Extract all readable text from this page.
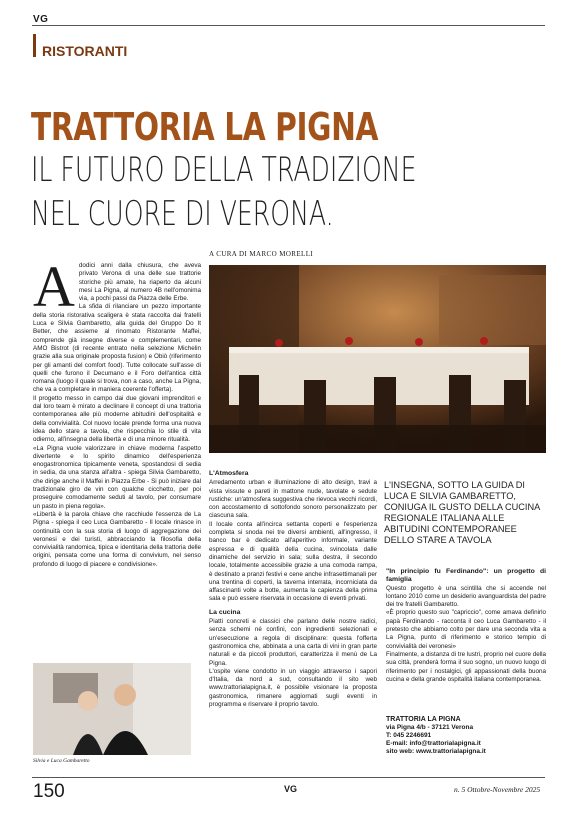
VG
RISTORANTI
TRATTORIA LA PIGNA
IL FUTURO DELLA TRADIZIONE
NEL CUORE DI VERONA.
A CURA DI MARCO MORELLI
A dodici anni dalla chiusura, che aveva privato Verona di una delle sue trattorie storiche più amate, ha riaperto da alcuni mesi La Pigna, al numero 4B nell'omonima via, a pochi passi da Piazza delle Erbe.

La sfida di rilanciare un pezzo importante della storia ristorativa scaligera è stata raccolta dai fratelli Luca e Silvia Gambaretto, alla guida del Gruppo Do It Better, che assieme al rinomato Ristorante Maffei, comprende già insegne diverse e complementari, come AMO Bistrot (di recente entrato nella selezione Michelin grazie alla sua originale proposta fusion) e Obiò (riferimento per gli amanti del comfort food). Tutte collocate sull'asse di quelli che furono il Decumano e il Foro dell'antica città romana (luogo il quale si trova, non a caso, anche La Pigna, che va a completare in maniera coerente l'offerta).

Il progetto messo in campo dai due giovani imprenditori e dal loro team è mirato a declinare il concept di una trattoria contemporanea alle più moderne abitudini dell'ospitalità e della convivialità. Col nuovo locale prende forma una nuova idea dello stare a tavola, che rispecchia lo stile di vita odierno, all'insegna della libertà e di una minore ritualità.

«La Pigna vuole valorizzare in chiave moderna l'aspetto divertente e lo spirito dinamico dell'esperienza enogastronomica tipicamente veneta, spostandosi di sedia in sedia, da una stanza all'altra - spiega Silvia Gambaretto, che dirige anche il Maffei in Piazza Erbe - Si può iniziare dal tradizionale giro de vin con qualche cicchetto, per poi proseguire comodamente seduti al tavolo, per consumare un pasto in piena regola».

«Libertà è la parola chiave che racchiude l'essenza de La Pigna - spiega il ceo Luca Gambaretto - Il locale rinasce in continuità con la sua storia di luogo di aggregazione dei veronesi e dei turisti, abbracciando la filosofia della convivialità randomica, tipica e identitaria della trattoria delle origini, pensata come una forma di convivium, nel senso profondo di luogo di piacere e condivisione».

Silvia e Luca Gambaretto
L'Atmosfera

Arredamento urban e illuminazione di alto design, travi a vista vissute e pareti in mattone nude, tavolate e sedute rustiche: un'atmosfera suggestiva che rievoca vecchi ricordi, con accostamento di sottofondo sonoro personalizzato per ciascuna sala.

Il locale conta all'incirca settanta coperti e l'esperienza completa si snoda nei tre diversi ambienti, all'ingresso, il banco bar è dedicato all'aperitivo informale, variante espressa e di qualità della cucina, svincolata dalle dinamiche del servizio in sala; sulla destra, il secondo locale, totalmente accessibile grazie a una comoda rampa, è destinato a pranzi festivi e cene anche infrasettimanali per una trentina di coperti, la taverna interrata, incorniciata da affascinanti volte a botte, aumenta la capienza della prima sala e può essere riservata in occasione di eventi privati.

La cucina

Piatti concreti e classici che parlano delle nostre radici, senza schemi né confini, con ingredienti selezionati e un'esecuzione a regola di disciplinare: questa l'offerta gastronomica che, abbinata a una carta di vini in gran parte naturali e da piccoli produttori, caratterizza il menù de La Pigna.

L'ospite viene condotto in un viaggio attraverso i sapori d'Italia, da nord a sud, consultando il sito web www.trattorialapigna.it, è possibile visionare la proposta gastronomica, rimanere aggiornati sugli eventi in programma e riservare il proprio tavolo.

L'INSEGNA, SOTTO LA GUIDA DI LUCA E SILVIA GAMBARETTO, CONIUGA IL GUSTO DELLA CUCINA REGIONALE ITALIANA ALLE ABITUDINI CONTEMPORANEE DELLO STARE A TAVOLA
"In principio fu Ferdinando": un progetto di famiglia

Questo progetto è una scintilla che si accende nel lontano 2010 come un desiderio avanguardista del padre dei tre fratelli Gambaretto.

«È proprio questo suo "capriccio", come amava definirlo papà Ferdinando - racconta il ceo Luca Gambaretto - il pretesto che abbiamo colto per dare una seconda vita a La Pigna, punto di riferimento e storico tempio di convivialità dei veronesi»

Finalmente, a distanza di tre lustri, proprio nel cuore della sua città, prenderà forma il suo sogno, un nuovo luogo di riferimento per i nostalgici, gli appassionati della buona cucina e della grande ospitalità italiana contemporanea.

TRATTORIA LA PIGNA
via Pigna 4/b - 37121 Verona
T: 045 2246691
E-mail: info@trattorialapigna.it
sito web: www.trattorialapigna.it
150	VG	n. 5 Ottobre-Novembre 2025
